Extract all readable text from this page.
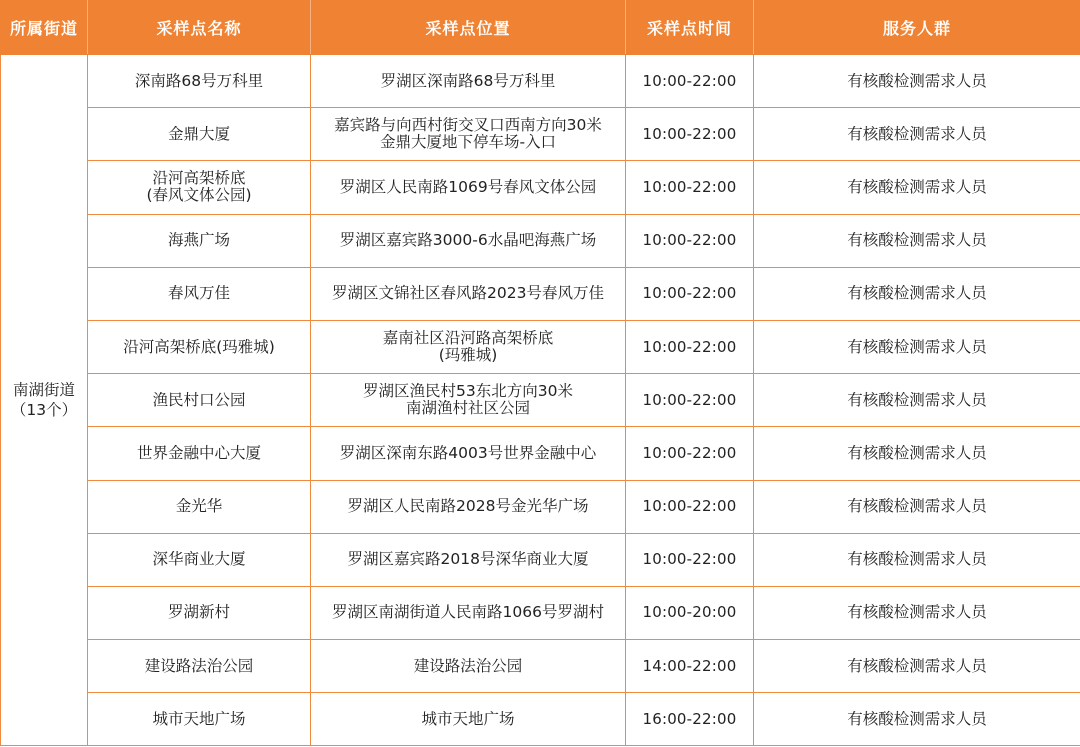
所属街道	采样点名称	采样点位置	采样点时间	服务人群

南湖街道
（13个）	深南路68号万科里	罗湖区深南路68号万科里	10:00-22:00	有核酸检测需求人员

	金鼎大厦	嘉宾路与向西村街交叉口西南方向30米
金鼎大厦地下停车场-入口	10:00-22:00	有核酸检测需求人员

	沿河高架桥底
(春风文体公园)	罗湖区人民南路1069号春风文体公园	10:00-22:00	有核酸检测需求人员

	海燕广场	罗湖区嘉宾路3000-6水晶吧海燕广场	10:00-22:00	有核酸检测需求人员

	春风万佳	罗湖区文锦社区春风路2023号春风万佳	10:00-22:00	有核酸检测需求人员

	沿河高架桥底(玛雅城)	嘉南社区沿河路高架桥底
(玛雅城)	10:00-22:00	有核酸检测需求人员

	渔民村口公园	罗湖区渔民村53东北方向30米
南湖渔村社区公园	10:00-22:00	有核酸检测需求人员

	世界金融中心大厦	罗湖区深南东路4003号世界金融中心	10:00-22:00	有核酸检测需求人员

	金光华	罗湖区人民南路2028号金光华广场	10:00-22:00	有核酸检测需求人员

	深华商业大厦	罗湖区嘉宾路2018号深华商业大厦	10:00-22:00	有核酸检测需求人员

	罗湖新村	罗湖区南湖街道人民南路1066号罗湖村	10:00-20:00	有核酸检测需求人员

	建设路法治公园	建设路法治公园	14:00-22:00	有核酸检测需求人员

	城市天地广场	城市天地广场	16:00-22:00	有核酸检测需求人员
